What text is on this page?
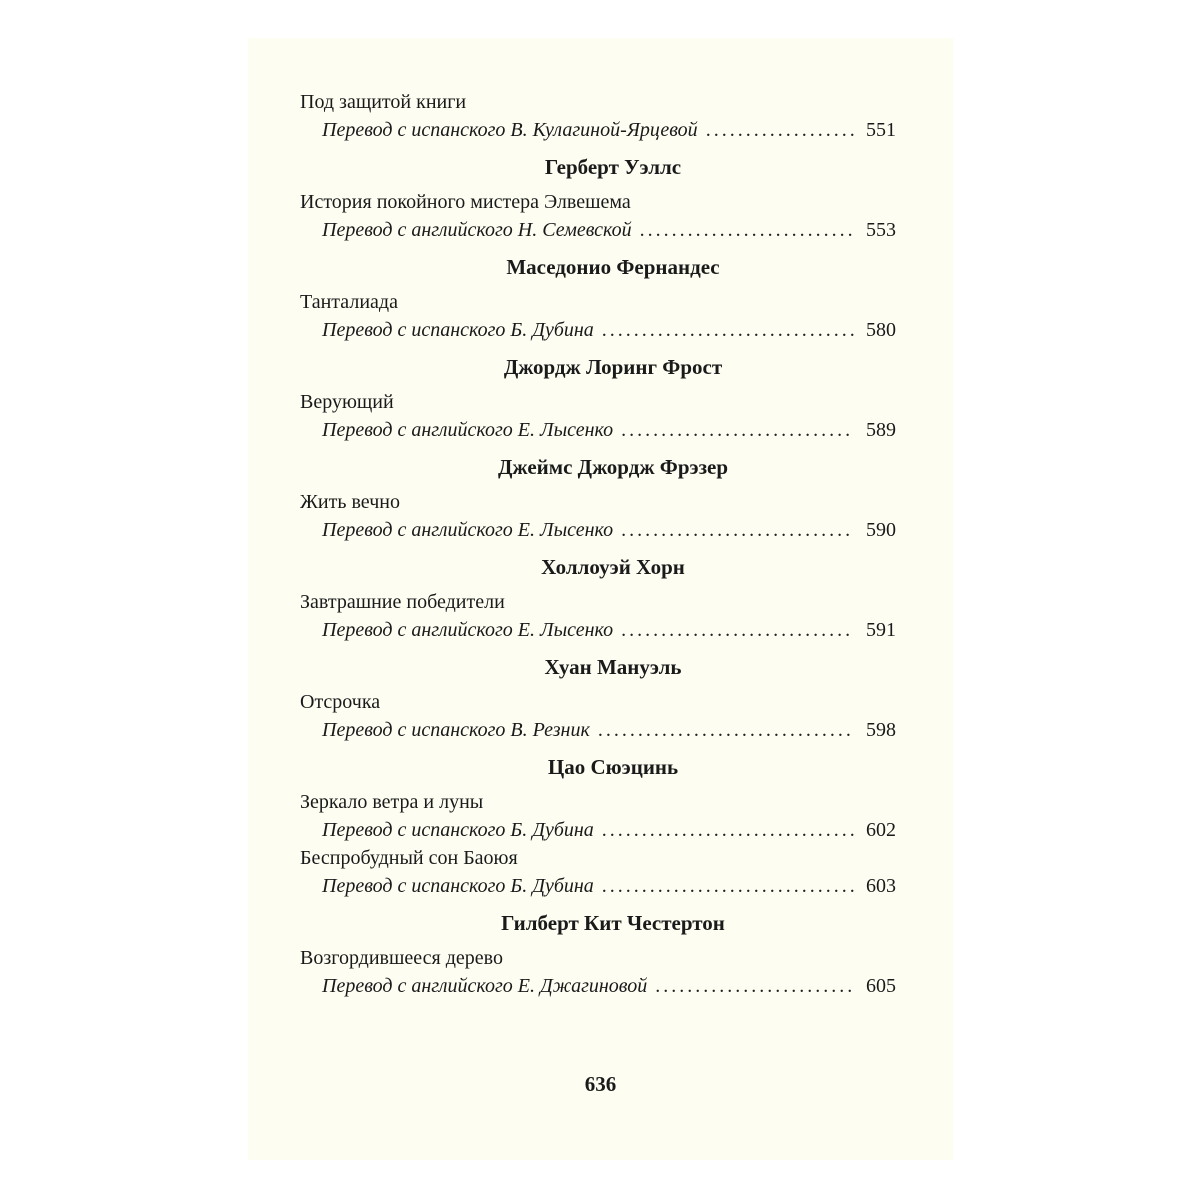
Под защитой книги
Перевод с испанского В. Кулагиной-Ярцевой . . .	551
Герберт Уэллс
История покойного мистера Элвешема
Перевод с английского Н. Семевской . . .	553
Маседонио Фернандес
Танталиада
Перевод с испанского Б. Дубина . . .	580
Джордж Лоринг Фрост
Верующий
Перевод с английского Е. Лысенко . . .	589
Джеймс Джордж Фрэзер
Жить вечно
Перевод с английского Е. Лысенко . . .	590
Холлоуэй Хорн
Завтрашние победители
Перевод с английского Е. Лысенко . . .	591
Хуан Мануэль
Отсрочка
Перевод с испанского В. Резник . . .	598
Цао Сюэцинь
Зеркало ветра и луны
Перевод с испанского Б. Дубина . . .	602
Беспробудный сон Баоюя
Перевод с испанского Б. Дубина . . .	603
Гилберт Кит Честертон
Возгордившееся дерево
Перевод с английского Е. Джагиновой . . .	605
636
